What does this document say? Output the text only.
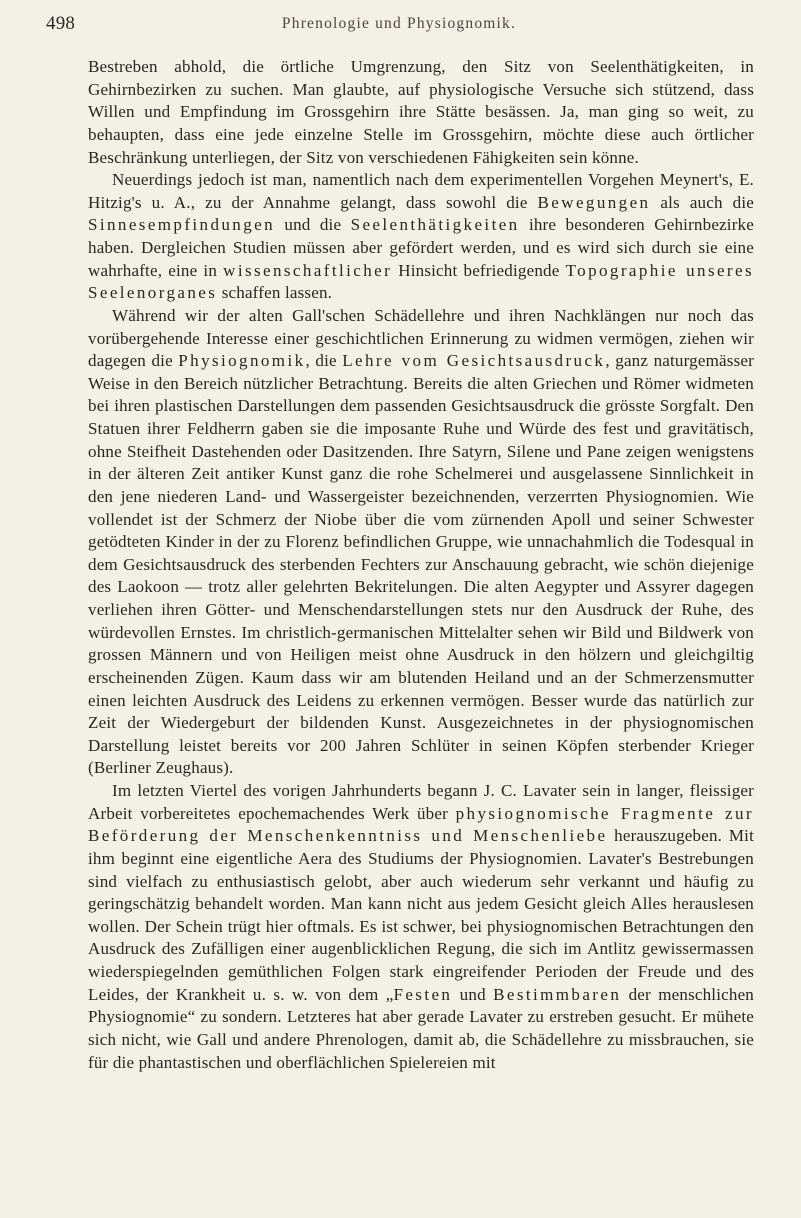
498	Phrenologie und Physiognomik.

Bestreben abhold, die örtliche Umgrenzung, den Sitz von Seelenthätigkeiten, in Gehirnbezirken zu suchen. Man glaubte, auf physiologische Versuche sich stützend, dass Willen und Empfindung im Grossgehirn ihre Stätte besässen. Ja, man ging so weit, zu behaupten, dass eine jede einzelne Stelle im Grossgehirn, möchte diese auch örtlicher Beschränkung unterliegen, der Sitz von verschiedenen Fähigkeiten sein könne.

Neuerdings jedoch ist man, namentlich nach dem experimentellen Vorgehen Meynert's, E. Hitzig's u. A., zu der Annahme gelangt, dass sowohl die Bewegungen als auch die Sinnesempfindungen und die Seelenthätigkeiten ihre besonderen Gehirnbezirke haben. Dergleichen Studien müssen aber gefördert werden, und es wird sich durch sie eine wahrhafte, eine in wissenschaftlicher Hinsicht befriedigende Topographie unseres Seelenorganes schaffen lassen.

Während wir der alten Gall'schen Schädellehre und ihren Nachklängen nur noch das vorübergehende Interesse einer geschichtlichen Erinnerung zu widmen vermögen, ziehen wir dagegen die Physiognomik, die Lehre vom Gesichtsausdruck, ganz naturgemässer Weise in den Bereich nützlicher Betrachtung. Bereits die alten Griechen und Römer widmeten bei ihren plastischen Darstellungen dem passenden Gesichtsausdruck die grösste Sorgfalt. Den Statuen ihrer Feldherrn gaben sie die imposante Ruhe und Würde des fest und gravitätisch, ohne Steifheit Dastehenden oder Dasitzenden. Ihre Satyrn, Silene und Pane zeigen wenigstens in der älteren Zeit antiker Kunst ganz die rohe Schelmerei und ausgelassene Sinnlichkeit in den jene niederen Land- und Wassergeister bezeichnenden, verzerrten Physiognomien. Wie vollendet ist der Schmerz der Niobe über die vom zürnenden Apoll und seiner Schwester getödteten Kinder in der zu Florenz befindlichen Gruppe, wie unnachahmlich die Todesqual in dem Gesichtsausdruck des sterbenden Fechters zur Anschauung gebracht, wie schön diejenige des Laokoon — trotz aller gelehrten Bekritelungen. Die alten Aegypter und Assyrer dagegen verliehen ihren Götter- und Menschendarstellungen stets nur den Ausdruck der Ruhe, des würdevollen Ernstes. Im christlich-germanischen Mittelalter sehen wir Bild und Bildwerk von grossen Männern und von Heiligen meist ohne Ausdruck in den hölzern und gleichgiltig erscheinenden Zügen. Kaum dass wir am blutenden Heiland und an der Schmerzensmutter einen leichten Ausdruck des Leidens zu erkennen vermögen. Besser wurde das natürlich zur Zeit der Wiedergeburt der bildenden Kunst. Ausgezeichnetes in der physiognomischen Darstellung leistet bereits vor 200 Jahren Schlüter in seinen Köpfen sterbender Krieger (Berliner Zeughaus).

Im letzten Viertel des vorigen Jahrhunderts begann J. C. Lavater sein in langer, fleissiger Arbeit vorbereitetes epochemachendes Werk über physiognomische Fragmente zur Beförderung der Menschenkenntniss und Menschenliebe herauszugeben. Mit ihm beginnt eine eigentliche Aera des Studiums der Physiognomien. Lavater's Bestrebungen sind vielfach zu enthusiastisch gelobt, aber auch wiederum sehr verkannt und häufig zu geringschätzig behandelt worden. Man kann nicht aus jedem Gesicht gleich Alles herauslesen wollen. Der Schein trügt hier oftmals. Es ist schwer, bei physiognomischen Betrachtungen den Ausdruck des Zufälligen einer augenblicklichen Regung, die sich im Antlitz gewissermassen wiederspiegelnden gemüthlichen Folgen stark eingreifender Perioden der Freude und des Leides, der Krankheit u. s. w. von dem „Festen und Bestimmbaren der menschlichen Physiognomie“ zu sondern. Letzteres hat aber gerade Lavater zu erstreben gesucht. Er mühete sich nicht, wie Gall und andere Phrenologen, damit ab, die Schädellehre zu missbrauchen, sie für die phantastischen und oberflächlichen Spielereien mit
